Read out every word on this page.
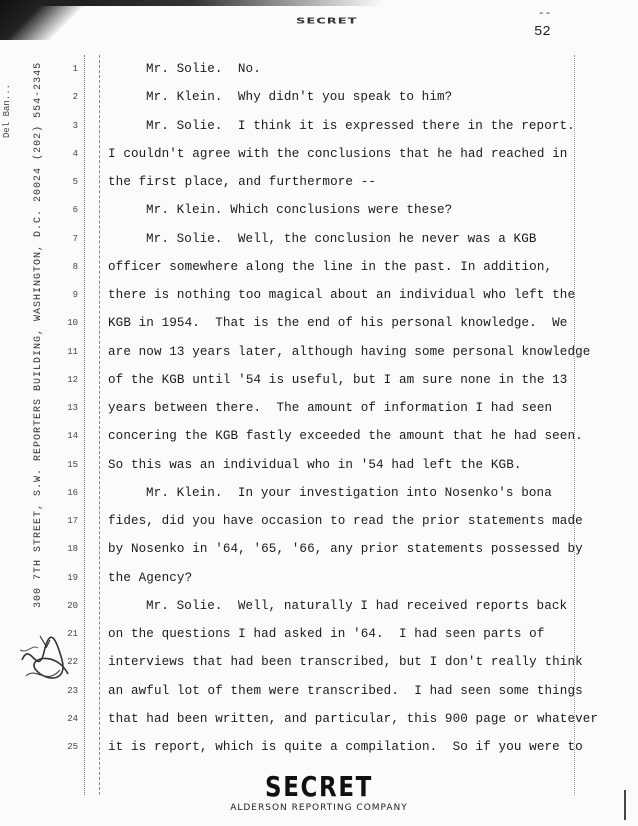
SECRET
--
52
Del Ban... 300 7TH STREET, S.W. REPORTERS BUILDING, WASHINGTON, D.C. 20024 (202) 554-2345	1	Mr. Solie.  No.
2	Mr. Klein.  Why didn't you speak to him?
3	Mr. Solie.  I think it is expressed there in the report.
4 I couldn't agree with the conclusions that he had reached in
5 the first place, and furthermore --
6	Mr. Klein. Which conclusions were these?
7	Mr. Solie.  Well, the conclusion he never was a KGB
8 officer somewhere along the line in the past. In addition,
9 there is nothing too magical about an individual who left the
10 KGB in 1954.  That is the end of his personal knowledge.  We
11 are now 13 years later, although having some personal knowledge
12 of the KGB until '54 is useful, but I am sure none in the 13
13 years between there.  The amount of information I had seen
14 concering the KGB fastly exceeded the amount that he had seen.
15 So this was an individual who in '54 had left the KGB.
16	Mr. Klein.  In your investigation into Nosenko's bona
17 fides, did you have occasion to read the prior statements made
18 by Nosenko in '64, '65, '66, any prior statements possessed by
19 the Agency?
20	Mr. Solie.  Well, naturally I had received reports back
21 on the questions I had asked in '64.  I had seen parts of
22 interviews that had been transcribed, but I don't really think
23 an awful lot of them were transcribed.  I had seen some things
24 that had been written, and particular, this 900 page or whatever
25 it is report, which is quite a compilation.  So if you were to
SECRET
ALDERSON REPORTING COMPANY
